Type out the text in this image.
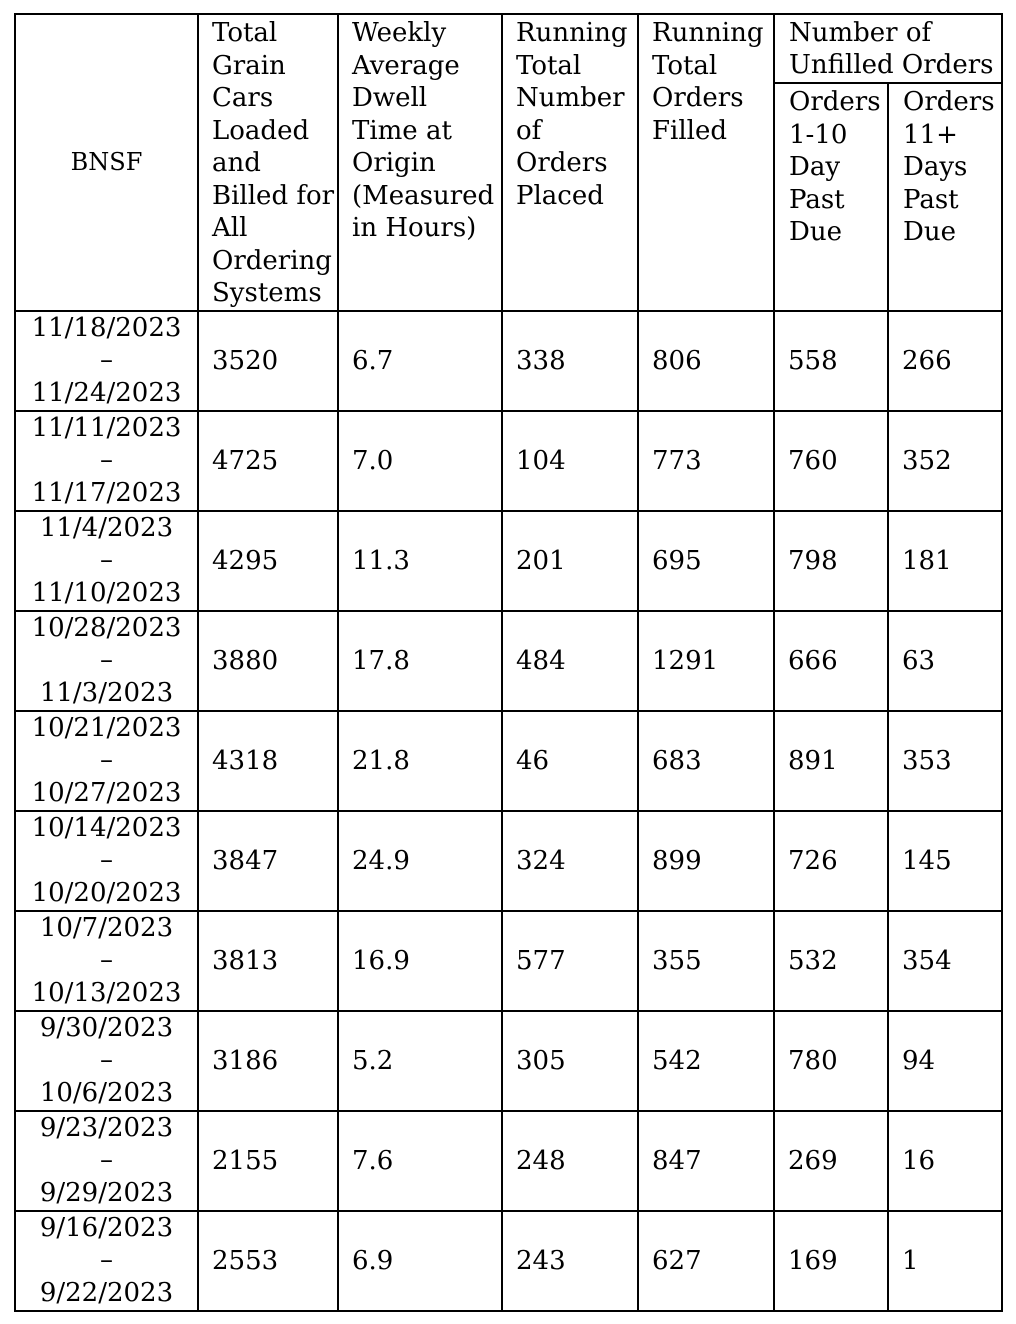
BNSF	Total Grain Cars Loaded and Billed for All Ordering Systems	Weekly Average Dwell Time at Origin (Measured in Hours)	Running Total Number of Orders Placed	Running Total Orders Filled	Number of Unfilled Orders	
					Orders 1-10 Day Past Due	Orders 11+ Days Past Due

11/18/2023
–
11/24/2023	3520	6.7	338	806	558	266

11/11/2023
–
11/17/2023	4725	7.0	104	773	760	352

11/4/2023
–
11/10/2023	4295	11.3	201	695	798	181

10/28/2023
–
11/3/2023	3880	17.8	484	1291	666	63

10/21/2023
–
10/27/2023	4318	21.8	46	683	891	353

10/14/2023
–
10/20/2023	3847	24.9	324	899	726	145

10/7/2023
–
10/13/2023	3813	16.9	577	355	532	354

9/30/2023
–
10/6/2023	3186	5.2	305	542	780	94

9/23/2023
–
9/29/2023	2155	7.6	248	847	269	16

9/16/2023
–
9/22/2023	2553	6.9	243	627	169	1
